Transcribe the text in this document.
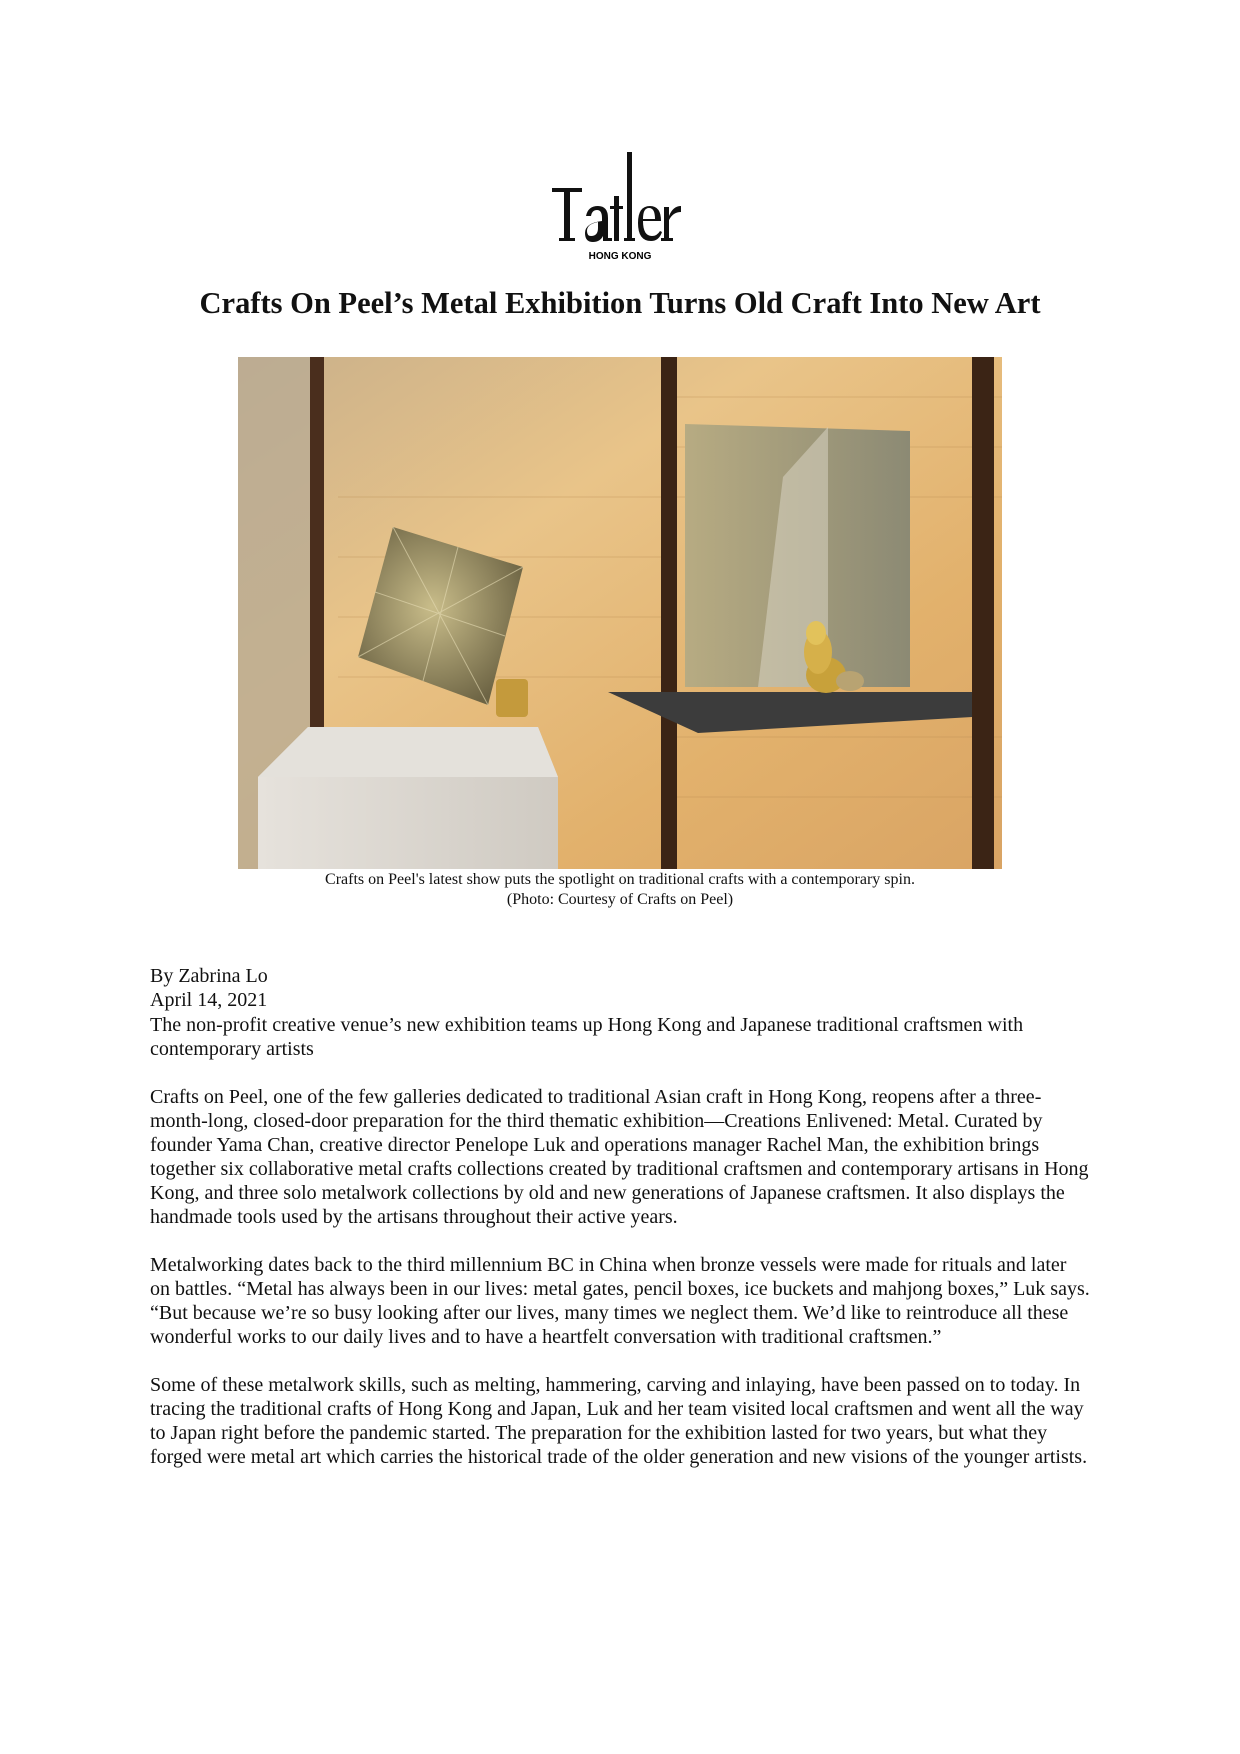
HONG KONG
Crafts On Peel’s Metal Exhibition Turns Old Craft Into New Art
Crafts on Peel's latest show puts the spotlight on traditional crafts with a contemporary spin.
(Photo: Courtesy of Crafts on Peel)
By Zabrina Lo
April 14, 2021

The non-profit creative venue’s new exhibition teams up Hong Kong and Japanese traditional craftsmen with contemporary artists

Crafts on Peel, one of the few galleries dedicated to traditional Asian craft in Hong Kong, reopens after a three-month-long, closed-door preparation for the third thematic exhibition—Creations Enlivened: Metal. Curated by founder Yama Chan, creative director Penelope Luk and operations manager Rachel Man, the exhibition brings together six collaborative metal crafts collections created by traditional craftsmen and contemporary artisans in Hong Kong, and three solo metalwork collections by old and new generations of Japanese craftsmen. It also displays the handmade tools used by the artisans throughout their active years.

Metalworking dates back to the third millennium BC in China when bronze vessels were made for rituals and later on battles. “Metal has always been in our lives: metal gates, pencil boxes, ice buckets and mahjong boxes,” Luk says. “But because we’re so busy looking after our lives, many times we neglect them. We’d like to reintroduce all these wonderful works to our daily lives and to have a heartfelt conversation with traditional craftsmen.”

Some of these metalwork skills, such as melting, hammering, carving and inlaying, have been passed on to today. In tracing the traditional crafts of Hong Kong and Japan, Luk and her team visited local craftsmen and went all the way to Japan right before the pandemic started. The preparation for the exhibition lasted for two years, but what they forged were metal art which carries the historical trade of the older generation and new visions of the younger artists.
